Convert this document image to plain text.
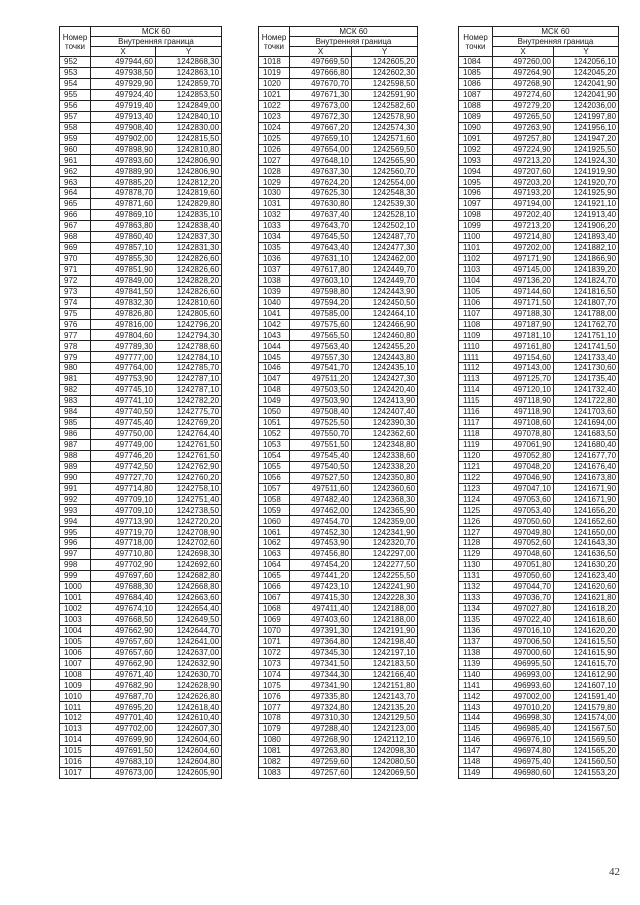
Номер
точки	МСК 60	
	Внутренняя граница	
	X	Y
952	497944,60	1242868,30
953	497938,50	1242863,10
954	497929,90	1242859,70
955	497924,40	1242853,50
956	497919,40	1242849,00
957	497913,40	1242840,10
958	497908,40	1242830,00
959	497902,00	1242815,50
960	497898,90	1242810,80
961	497893,60	1242806,90
962	497889,90	1242806,90
963	497885,20	1242812,20
964	497878,70	1242819,60
965	497871,60	1242829,80
966	497869,10	1242835,10
967	497863,80	1242838,40
968	497860,40	1242837,30
969	497857,10	1242831,30
970	497855,30	1242826,60
971	497851,90	1242826,60
972	497849,00	1242828,20
973	497841,50	1242826,60
974	497832,30	1242810,60
975	497826,80	1242805,60
976	497816,00	1242796,20
977	497804,60	1242794,30
978	497789,30	1242788,60
979	497777,00	1242784,10
980	497764,00	1242785,70
981	497753,90	1242787,10
982	497745,10	1242787,10
983	497741,10	1242782,20
984	497740,50	1242775,70
985	497745,40	1242769,20
986	497750,00	1242764,40
987	497749,00	1242761,50
988	497746,20	1242761,50
989	497742,50	1242762,90
990	497727,70	1242760,20
991	497714,80	1242758,10
992	497709,10	1242751,40
993	497709,10	1242738,50
994	497713,90	1242720,20
995	497719,70	1242708,90
996	497718,00	1242702,60
997	497710,80	1242698,30
998	497702,90	1242692,60
999	497697,60	1242682,80
1000	497688,30	1242668,80
1001	497684,40	1242663,60
1002	497674,10	1242654,40
1003	497668,50	1242649,50
1004	497662,90	1242644,70
1005	497657,60	1242641,00
1006	497657,60	1242637,00
1007	497662,90	1242632,90
1008	497671,40	1242630,70
1009	497682,90	1242628,90
1010	497687,70	1242626,80
1011	497695,20	1242618,40
1012	497701,40	1242610,40
1013	497702,00	1242607,30
1014	497699,90	1242604,60
1015	497691,50	1242604,60
1016	497683,10	1242604,80
1017	497673,00	1242605,90
Номер
точки	МСК 60	
	Внутренняя граница	
	X	Y
1018	497669,50	1242605,20
1019	497666,80	1242602,30
1020	497670,70	1242598,50
1021	497671,30	1242591,90
1022	497673,00	1242582,60
1023	497672,30	1242578,90
1024	497667,20	1242574,30
1025	497659,10	1242571,60
1026	497654,00	1242569,50
1027	497648,10	1242565,90
1028	497637,30	1242560,70
1029	497624,20	1242554,00
1030	497625,30	1242548,30
1031	497630,80	1242539,30
1032	497637,40	1242528,10
1033	497643,70	1242502,10
1034	497645,50	1242487,70
1035	497643,40	1242477,30
1036	497631,10	1242462,00
1037	497617,80	1242449,70
1038	497603,10	1242449,70
1039	497598,80	1242443,90
1040	497594,20	1242450,50
1041	497585,00	1242464,10
1042	497575,60	1242466,90
1043	497565,50	1242460,80
1044	497563,40	1242455,20
1045	497557,30	1242443,80
1046	497541,70	1242435,10
1047	497511,20	1242427,30
1048	497503,50	1242420,40
1049	497503,90	1242413,90
1050	497508,40	1242407,40
1051	497525,50	1242390,30
1052	497550,70	1242362,60
1053	497551,50	1242348,80
1054	497545,40	1242338,60
1055	497540,50	1242338,20
1056	497527,50	1242350,80
1057	497511,60	1242360,60
1058	497482,40	1242368,30
1059	497462,00	1242365,90
1060	497454,70	1242359,00
1061	497452,30	1242341,90
1062	497453,90	1242320,70
1063	497456,80	1242297,00
1064	497454,20	1242277,50
1065	497441,20	1242255,50
1066	497423,10	1242241,90
1067	497415,30	1242228,30
1068	497411,40	1242188,00
1069	497403,60	1242188,00
1070	497391,30	1242191,90
1071	497364,80	1242198,40
1072	497345,30	1242197,10
1073	497341,50	1242183,50
1074	497344,30	1242166,40
1075	497341,90	1242151,80
1076	497335,80	1242143,70
1077	497324,80	1242135,20
1078	497310,30	1242129,50
1079	497288,40	1242123,00
1080	497268,90	1242112,10
1081	497263,80	1242098,30
1082	497259,60	1242080,50
1083	497257,60	1242069,50
Номер
точки	МСК 60	
	Внутренняя граница	
	X	Y
1084	497260,00	1242056,10
1085	497264,90	1242045,20
1086	497268,90	1242041,90
1087	497274,60	1242041,90
1088	497279,20	1242036,00
1089	497265,50	1241997,80
1090	497263,90	1241956,10
1091	497257,80	1241947,20
1092	497224,90	1241925,50
1093	497213,20	1241924,30
1094	497207,60	1241919,90
1095	497203,20	1241920,70
1096	497193,20	1241925,90
1097	497194,00	1241921,10
1098	497202,40	1241913,40
1099	497213,20	1241906,20
1100	497214,80	1241893,40
1101	497202,00	1241882,10
1102	497171,90	1241866,90
1103	497145,00	1241839,20
1104	497136,20	1241824,70
1105	497144,60	1241816,50
1106	497171,50	1241807,70
1107	497188,30	1241788,00
1108	497187,90	1241762,70
1109	497181,10	1241751,10
1110	497161,80	1241741,50
1111	497154,60	1241733,40
1112	497143,00	1241730,60
1113	497125,70	1241735,40
1114	497120,10	1241732,40
1115	497118,90	1241722,80
1116	497118,90	1241703,60
1117	497108,60	1241694,00
1118	497078,80	1241683,50
1119	497061,90	1241680,40
1120	497052,80	1241677,70
1121	497048,20	1241676,40
1122	497046,90	1241673,80
1123	497047,10	1241671,90
1124	497053,60	1241671,90
1125	497053,40	1241656,20
1126	497050,60	1241652,60
1127	497049,80	1241650,00
1128	497052,60	1241643,30
1129	497048,60	1241636,50
1130	497051,80	1241630,20
1131	497050,60	1241623,40
1132	497044,70	1241620,60
1133	497036,70	1241621,80
1134	497027,80	1241618,20
1135	497022,40	1241618,60
1136	497016,10	1241620,20
1137	497006,50	1241615,50
1138	497000,60	1241615,90
1139	496995,50	1241615,70
1140	496993,00	1241612,90
1141	496993,60	1241607,10
1142	497002,00	1241591,40
1143	497010,20	1241579,80
1144	496998,30	1241574,00
1145	496985,40	1241567,50
1146	496976,10	1241569,50
1147	496974,80	1241565,20
1148	496975,40	1241560,50
1149	496980,60	1241553,20
42
